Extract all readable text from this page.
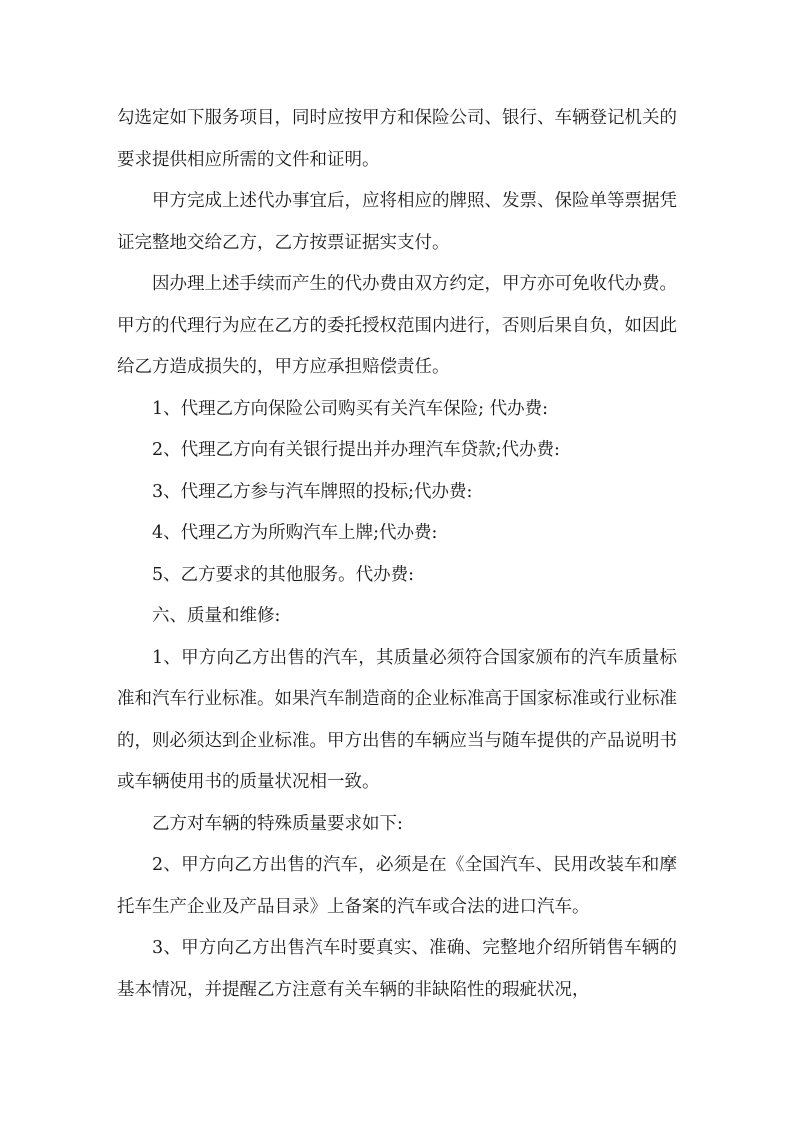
勾选定如下服务项目，同时应按甲方和保险公司、银行、车辆登记机关的要求提供相应所需的文件和证明。

甲方完成上述代办事宜后，应将相应的牌照、发票、保险单等票据凭证完整地交给乙方，乙方按票证据实支付。

因办理上述手续而产生的代办费由双方约定，甲方亦可免收代办费。甲方的代理行为应在乙方的委托授权范围内进行，否则后果自负，如因此给乙方造成损失的，甲方应承担赔偿责任。

1、代理乙方向保险公司购买有关汽车保险; 代办费:

2、代理乙方向有关银行提出并办理汽车贷款;代办费:

3、代理乙方参与汽车牌照的投标;代办费:

4、代理乙方为所购汽车上牌;代办费:

5、乙方要求的其他服务。代办费:

六、质量和维修:

1、甲方向乙方出售的汽车，其质量必须符合国家颁布的汽车质量标准和汽车行业标准。如果汽车制造商的企业标准高于国家标准或行业标准的，则必须达到企业标准。甲方出售的车辆应当与随车提供的产品说明书或车辆使用书的质量状况相一致。

乙方对车辆的特殊质量要求如下:

2、甲方向乙方出售的汽车，必须是在《全国汽车、民用改装车和摩托车生产企业及产品目录》上备案的汽车或合法的进口汽车。

3、甲方向乙方出售汽车时要真实、准确、完整地介绍所销售车辆的基本情况，并提醒乙方注意有关车辆的非缺陷性的瑕疵状况，
